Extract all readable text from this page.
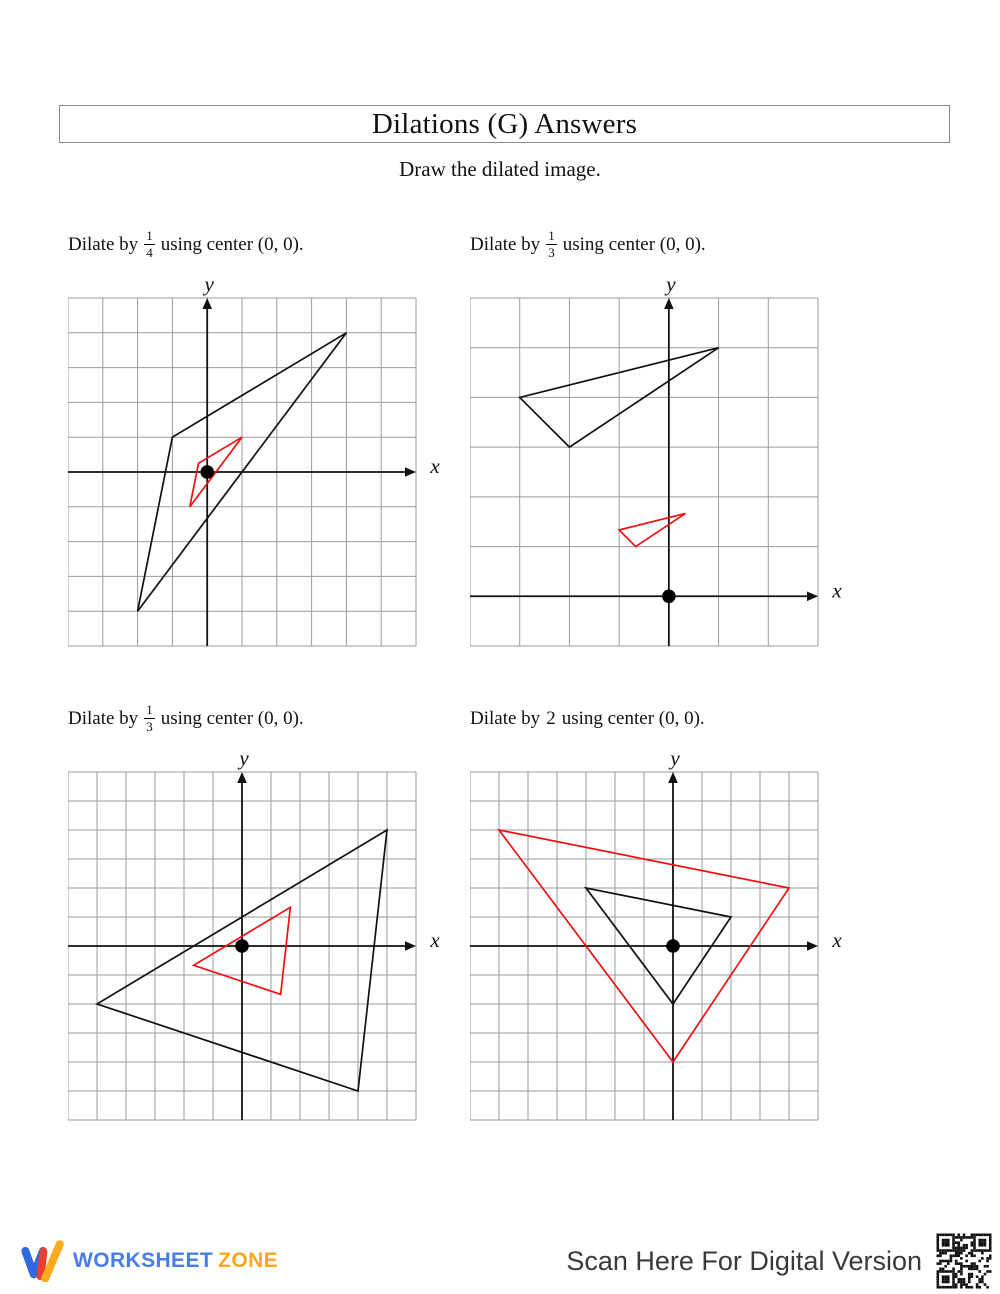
Dilations (G) Answers
Draw the dilated image.
Dilate by $\frac{1}{4}$ using center (0, 0).
x
y
Dilate by $\frac{1}{3}$ using center (0, 0).
x
y
Dilate by $\frac{1}{3}$ using center (0, 0).
x
y
Dilate by 2 using center (0, 0).
x
y
WORKSHEET ZONE	Scan Here For Digital Version
